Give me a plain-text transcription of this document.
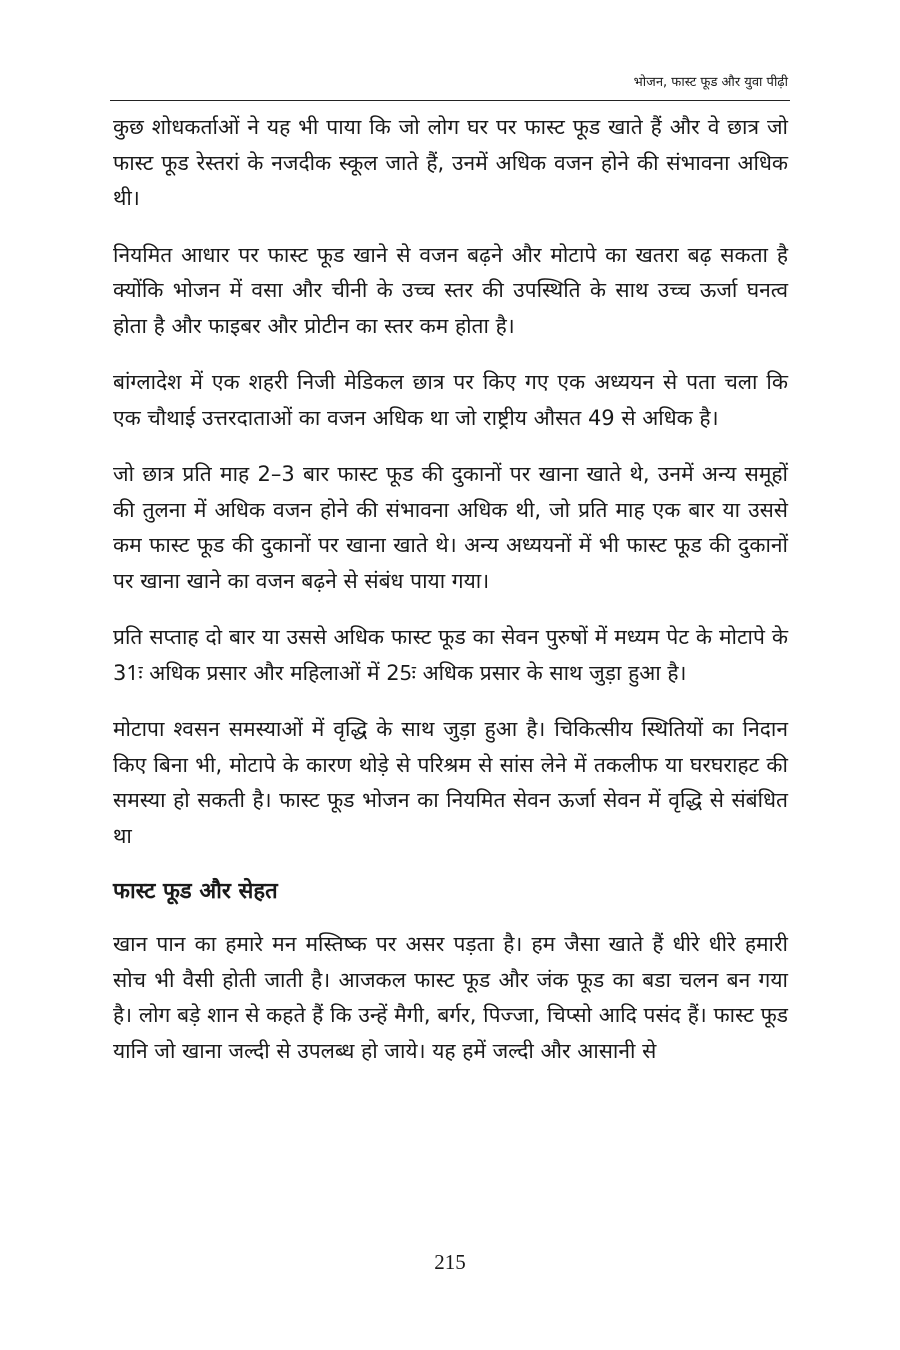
भोजन, फास्ट फूड और युवा पीढ़ी

कुछ शोधकर्ताओं ने यह भी पाया कि जो लोग घर पर फास्ट फूड खाते हैं और वे छात्र जो फास्ट फूड रेस्तरां के नजदीक स्कूल जाते हैं, उनमें अधिक वजन होने की संभावना अधिक थी।

नियमित आधार पर फास्ट फूड खाने से वजन बढ़ने और मोटापे का खतरा बढ़ सकता है क्योंकि भोजन में वसा और चीनी के उच्च स्तर की उपस्थिति के साथ उच्च ऊर्जा घनत्व होता है और फाइबर और प्रोटीन का स्तर कम होता है।

बांग्लादेश में एक शहरी निजी मेडिकल छात्र पर किए गए एक अध्ययन से पता चला कि एक चौथाई उत्तरदाताओं का वजन अधिक था जो राष्ट्रीय औसत 49 से अधिक है।

जो छात्र प्रति माह 2–3 बार फास्ट फूड की दुकानों पर खाना खाते थे, उनमें अन्य समूहों की तुलना में अधिक वजन होने की संभावना अधिक थी, जो प्रति माह एक बार या उससे कम फास्ट फूड की दुकानों पर खाना खाते थे। अन्य अध्ययनों में भी फास्ट फूड की दुकानों पर खाना खाने का वजन बढ़ने से संबंध पाया गया।

प्रति सप्ताह दो बार या उससे अधिक फास्ट फूड का सेवन पुरुषों में मध्यम पेट के मोटापे के 31ः अधिक प्रसार और महिलाओं में 25ः अधिक प्रसार के साथ जुड़ा हुआ है।

मोटापा श्वसन समस्याओं में वृद्धि के साथ जुड़ा हुआ है। चिकित्सीय स्थितियों का निदान किए बिना भी, मोटापे के कारण थोड़े से परिश्रम से सांस लेने में तकलीफ या घरघराहट की समस्या हो सकती है। फास्ट फूड भोजन का नियमित सेवन ऊर्जा सेवन में वृद्धि से संबंधित था

फास्ट फूड और सेहत

खान पान का हमारे मन मस्तिष्क पर असर पड़ता है। हम जैसा खाते हैं धीरे धीरे हमारी सोच भी वैसी होती जाती है। आजकल फास्ट फूड और जंक फूड का बडा चलन बन गया है। लोग बड़े शान से कहते हैं कि उन्हें मैगी, बर्गर, पिज्जा, चिप्सो आदि पसंद हैं। फास्ट फूड यानि जो खाना जल्दी से उपलब्ध हो जाये। यह हमें जल्दी और आसानी से

215
